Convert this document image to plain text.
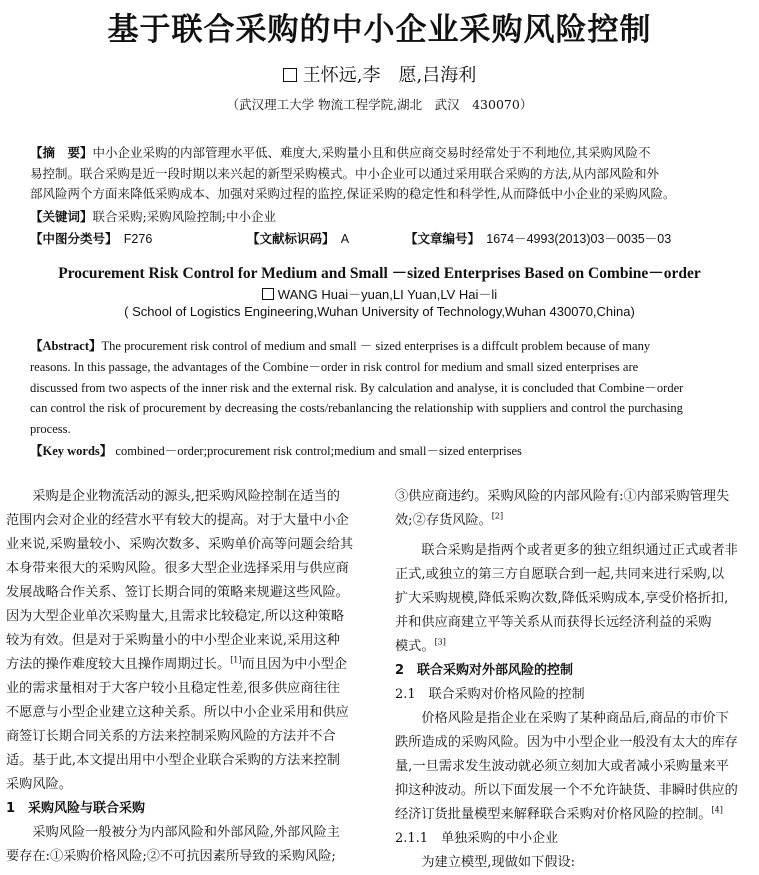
基于联合采购的中小企业采购风险控制
王怀远,李　愿,吕海利
（武汉理工大学 物流工程学院,湖北　武汉　430070）
【摘　要】中小企业采购的内部管理水平低、难度大,采购量小且和供应商交易时经常处于不利地位,其采购风险不
易控制。联合采购是近一段时期以来兴起的新型采购模式。中小企业可以通过采用联合采购的方法,从内部风险和外
部风险两个方面来降低采购成本、加强对采购过程的监控,保证采购的稳定性和科学性,从而降低中小企业的采购风险。
【关键词】联合采购;采购风险控制;中小企业
【中图分类号】　 F276	【文献标识码】　 A	【文章编号】　 1674－4993(2013)03－0035－03
Procurement Risk Control for Medium and Small －sized Enterprises Based on Combine－order
WANG Huai－yuan,LI Yuan,LV Hai－li
( School of Logistics Engineering,Wuhan University of Technology,Wuhan 430070,China)
【Abstract】The procurement risk control of medium and small － sized enterprises is a diffcult problem because of many
reasons. In this passage, the advantages of the Combine－order in risk control for medium and small sized enterprises are
discussed from two aspects of the inner risk and the external risk. By calculation and analyse, it is concluded that Combine－order
can control the risk of procurement by decreasing the costs/rebanlancing the relationship with suppliers and control the purchasing
process.
【Key words】 combined－order;procurement risk control;medium and small－sized enterprises

　　采购是企业物流活动的源头,把采购风险控制在适当的

范围内会对企业的经营水平有较大的提高。对于大量中小企

业来说,采购量较小、采购次数多、采购单价高等问题会给其

本身带来很大的采购风险。很多大型企业选择采用与供应商

发展战略合作关系、签订长期合同的策略来规避这些风险。

因为大型企业单次采购量大,且需求比较稳定,所以这种策略

较为有效。但是对于采购量小的中小型企业来说,采用这种

方法的操作难度较大且操作周期过长。[1]而且因为中小型企

业的需求量相对于大客户较小且稳定性差,很多供应商往往

不愿意与小型企业建立这种关系。所以中小企业采用和供应

商签订长期合同关系的方法来控制采购风险的方法并不合

适。基于此,本文提出用中小型企业联合采购的方法来控制

采购风险。

1　采购风险与联合采购

　　采购风险一般被分为内部风险和外部风险,外部风险主

要存在:①采购价格风险;②不可抗因素所导致的采购风险;

③供应商违约。采购风险的内部风险有:①内部采购管理失

效;②存货风险。[2]

　　联合采购是指两个或者更多的独立组织通过正式或者非

正式,或独立的第三方自愿联合到一起,共同来进行采购,以

扩大采购规模,降低采购次数,降低采购成本,享受价格折扣,

并和供应商建立平等关系从而获得长远经济利益的采购

模式。[3]

2　联合采购对外部风险的控制

2.1　联合采购对价格风险的控制

　　价格风险是指企业在采购了某种商品后,商品的市价下

跌所造成的采购风险。因为中小型企业一般没有太大的库存

量,一旦需求发生波动就必须立刻加大或者减小采购量来平

抑这种波动。所以下面发展一个不允许缺货、非瞬时供应的

经济订货批量模型来解释联合采购对价格风险的控制。[4]

2.1.1　单独采购的中小企业

　　为建立模型,现做如下假设:
